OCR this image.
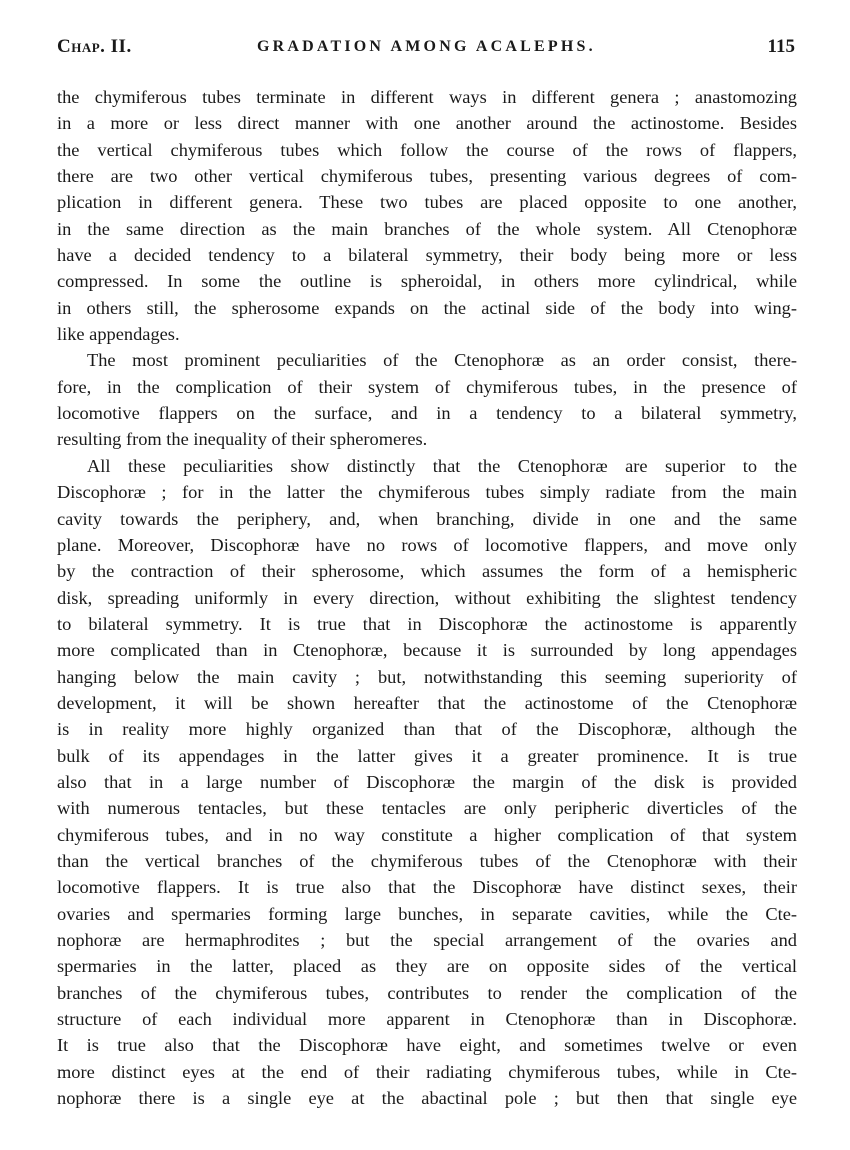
Chap. II.	GRADATION AMONG ACALEPHS.	115
the chymiferous tubes terminate in different ways in different genera ; anastomozing
in a more or less direct manner with one another around the actinostome. Besides
the vertical chymiferous tubes which follow the course of the rows of flappers,
there are two other vertical chymiferous tubes, presenting various degrees of com-
plication in different genera. These two tubes are placed opposite to one another,
in the same direction as the main branches of the whole system. All Ctenophoræ
have a decided tendency to a bilateral symmetry, their body being more or less
compressed. In some the outline is spheroidal, in others more cylindrical, while
in others still, the spherosome expands on the actinal side of the body into wing-
like appendages.
The most prominent peculiarities of the Ctenophoræ as an order consist, there-
fore, in the complication of their system of chymiferous tubes, in the presence of
locomotive flappers on the surface, and in a tendency to a bilateral symmetry,
resulting from the inequality of their spheromeres.
All these peculiarities show distinctly that the Ctenophoræ are superior to the
Discophoræ ; for in the latter the chymiferous tubes simply radiate from the main
cavity towards the periphery, and, when branching, divide in one and the same
plane. Moreover, Discophoræ have no rows of locomotive flappers, and move only
by the contraction of their spherosome, which assumes the form of a hemispheric
disk, spreading uniformly in every direction, without exhibiting the slightest tendency
to bilateral symmetry. It is true that in Discophoræ the actinostome is apparently
more complicated than in Ctenophoræ, because it is surrounded by long appendages
hanging below the main cavity ; but, notwithstanding this seeming superiority of
development, it will be shown hereafter that the actinostome of the Ctenophoræ
is in reality more highly organized than that of the Discophoræ, although the
bulk of its appendages in the latter gives it a greater prominence. It is true
also that in a large number of Discophoræ the margin of the disk is provided
with numerous tentacles, but these tentacles are only peripheric diverticles of the
chymiferous tubes, and in no way constitute a higher complication of that system
than the vertical branches of the chymiferous tubes of the Ctenophoræ with their
locomotive flappers. It is true also that the Discophoræ have distinct sexes, their
ovaries and spermaries forming large bunches, in separate cavities, while the Cte-
nophoræ are hermaphrodites ; but the special arrangement of the ovaries and
spermaries in the latter, placed as they are on opposite sides of the vertical
branches of the chymiferous tubes, contributes to render the complication of the
structure of each individual more apparent in Ctenophoræ than in Discophoræ.
It is true also that the Discophoræ have eight, and sometimes twelve or even
more distinct eyes at the end of their radiating chymiferous tubes, while in Cte-
nophoræ there is a single eye at the abactinal pole ; but then that single eye
